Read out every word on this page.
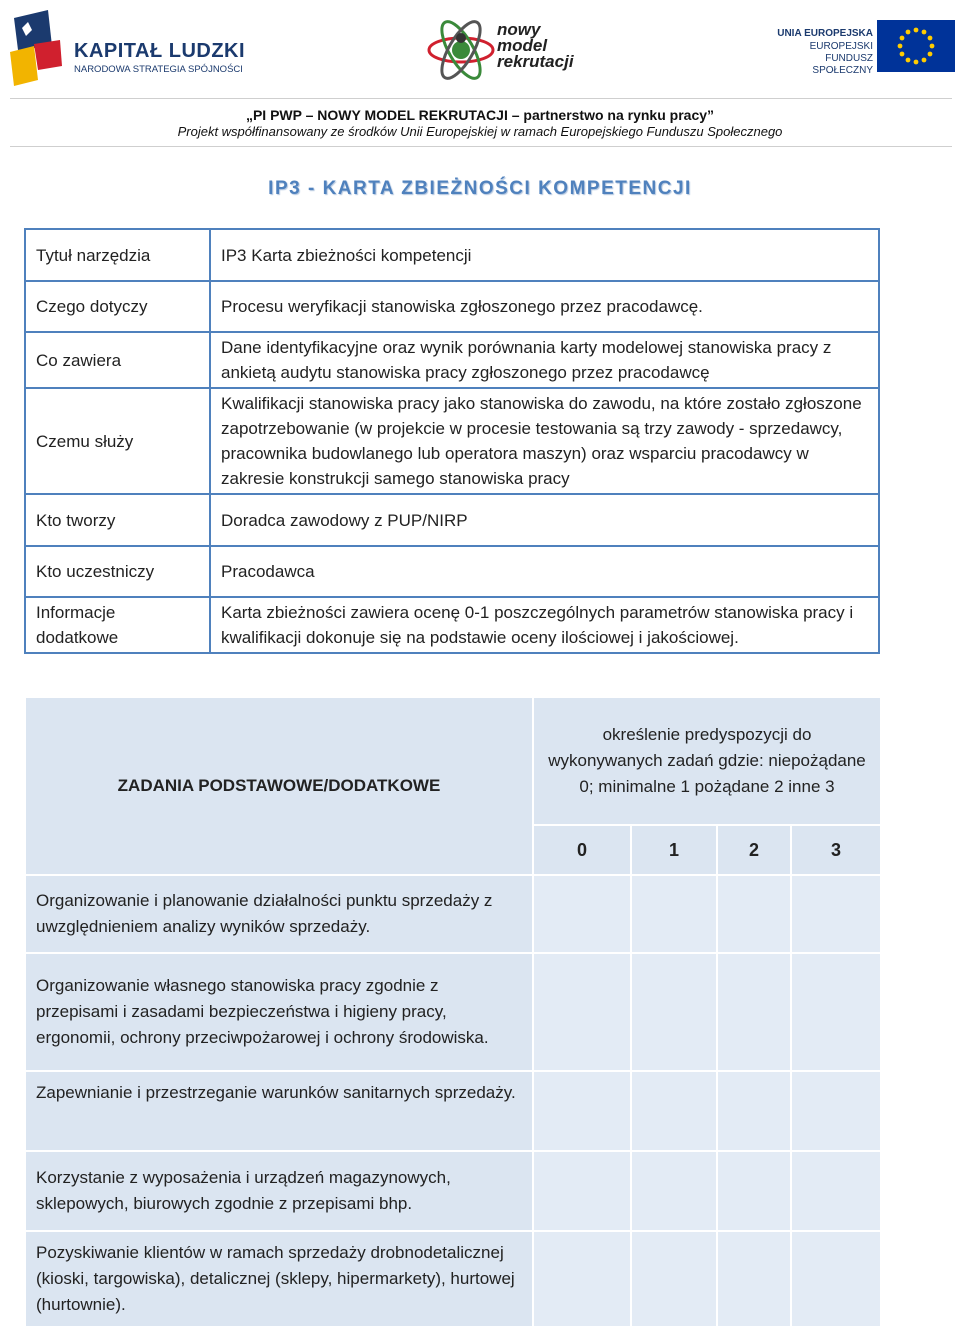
KAPITAŁ LUDZKI
NARODOWA STRATEGIA SPÓJNOŚCI
nowy
model
rekrutacji
UNIA EUROPEJSKA
EUROPEJSKI
FUNDUSZ SPOŁECZNY
„PI PWP – NOWY MODEL REKRUTACJI – partnerstwo na rynku pracy”
Projekt współfinansowany ze środków Unii Europejskiej w ramach Europejskiego Funduszu Społecznego
IP3 - KARTA ZBIEŻNOŚCI KOMPETENCJI
Tytuł narzędzia	IP3 Karta zbieżności kompetencji
Czego dotyczy	Procesu weryfikacji stanowiska zgłoszonego przez pracodawcę.
Co zawiera	Dane identyfikacyjne oraz wynik porównania karty modelowej stanowiska pracy z ankietą audytu stanowiska pracy zgłoszonego przez pracodawcę
Czemu służy	Kwalifikacji stanowiska pracy jako stanowiska do zawodu, na które zostało zgłoszone zapotrzebowanie (w projekcie w procesie testowania są trzy zawody - sprzedawcy, pracownika budowlanego lub operatora maszyn) oraz wsparciu pracodawcy w zakresie konstrukcji samego stanowiska pracy
Kto tworzy	Doradca zawodowy z PUP/NIRP
Kto uczestniczy	Pracodawca
Informacje dodatkowe	Karta zbieżności zawiera ocenę 0-1 poszczególnych parametrów stanowiska pracy i kwalifikacji dokonuje się na podstawie oceny ilościowej i jakościowej.
ZADANIA PODSTAWOWE/DODATKOWE	określenie predyspozycji do wykonywanych zadań gdzie: niepożądane 0; minimalne 1 pożądane 2 inne 3			
	0	1	2	3
Organizowanie i planowanie działalności punktu sprzedaży z uwzględnieniem analizy wyników sprzedaży.				
Organizowanie własnego stanowiska pracy zgodnie z przepisami i zasadami bezpieczeństwa i higieny pracy, ergonomii, ochrony przeciwpożarowej i ochrony środowiska.				
Zapewnianie i przestrzeganie warunków sanitarnych sprzedaży.				
Korzystanie z wyposażenia i urządzeń magazynowych, sklepowych, biurowych zgodnie z przepisami bhp.				
Pozyskiwanie klientów w ramach sprzedaży drobnodetalicznej (kioski, targowiska), detalicznej (sklepy, hipermarkety), hurtowej (hurtownie).				
